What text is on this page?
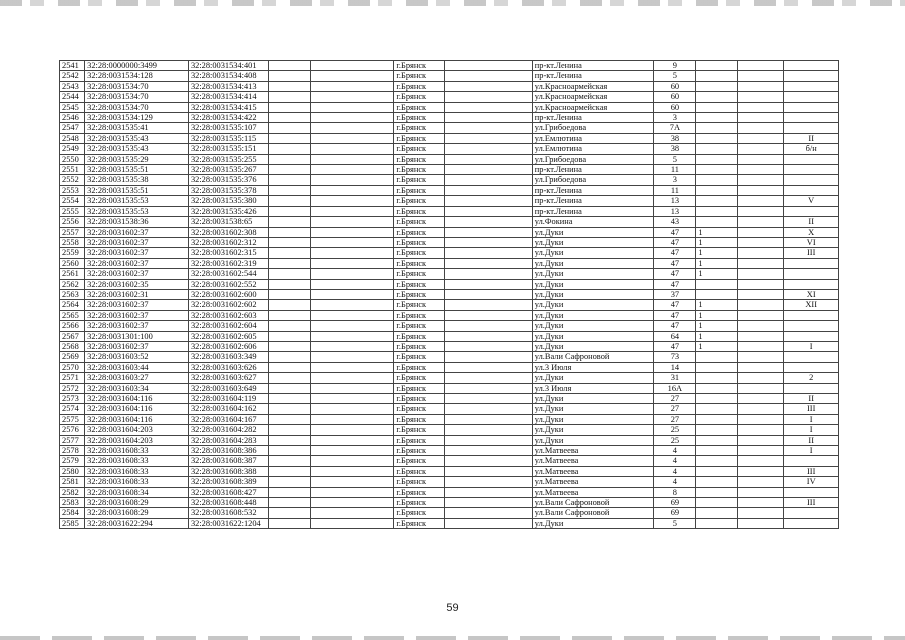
2541	32:28:0000000:3499	32:28:0031534:401			г.Брянск		пр-кт.Ленина	9			
2542	32:28:0031534:128	32:28:0031534:408			г.Брянск		пр-кт.Ленина	5			
2543	32:28:0031534:70	32:28:0031534:413			г.Брянск		ул.Красноармейская	60			
2544	32:28:0031534:70	32:28:0031534:414			г.Брянск		ул.Красноармейская	60			
2545	32:28:0031534:70	32:28:0031534:415			г.Брянск		ул.Красноармейская	60			
2546	32:28:0031534:129	32:28:0031534:422			г.Брянск		пр-кт.Ленина	3			
2547	32:28:0031535:41	32:28:0031535:107			г.Брянск		ул.Грибоедова	7А			
2548	32:28:0031535:43	32:28:0031535:115			г.Брянск		ул.Емлютина	38			II
2549	32:28:0031535:43	32:28:0031535:151			г.Брянск		ул.Емлютина	38			б/н
2550	32:28:0031535:29	32:28:0031535:255			г.Брянск		ул.Грибоедова	5			
2551	32:28:0031535:51	32:28:0031535:267			г.Брянск		пр-кт.Ленина	11			
2552	32:28:0031535:38	32:28:0031535:376			г.Брянск		ул.Грибоедова	3			
2553	32:28:0031535:51	32:28:0031535:378			г.Брянск		пр-кт.Ленина	11			
2554	32:28:0031535:53	32:28:0031535:380			г.Брянск		пр-кт.Ленина	13			V
2555	32:28:0031535:53	32:28:0031535:426			г.Брянск		пр-кт.Ленина	13			
2556	32:28:0031538:36	32:28:0031538:65			г.Брянск		ул.Фокина	43			II
2557	32:28:0031602:37	32:28:0031602:308			г.Брянск		ул.Дуки	47	1		X
2558	32:28:0031602:37	32:28:0031602:312			г.Брянск		ул.Дуки	47	1		VI
2559	32:28:0031602:37	32:28:0031602:315			г.Брянск		ул.Дуки	47	1		III
2560	32:28:0031602:37	32:28:0031602:319			г.Брянск		ул.Дуки	47	1		
2561	32:28:0031602:37	32:28:0031602:544			г.Брянск		ул.Дуки	47	1		
2562	32:28:0031602:35	32:28:0031602:552			г.Брянск		ул.Дуки	47			
2563	32:28:0031602:31	32:28:0031602:600			г.Брянск		ул.Дуки	37			XI
2564	32:28:0031602:37	32:28:0031602:602			г.Брянск		ул.Дуки	47	1		XII
2565	32:28:0031602:37	32:28:0031602:603			г.Брянск		ул.Дуки	47	1		
2566	32:28:0031602:37	32:28:0031602:604			г.Брянск		ул.Дуки	47	1		
2567	32:28:0031301:100	32:28:0031602:605			г.Брянск		ул.Дуки	64	1		
2568	32:28:0031602:37	32:28:0031602:606			г.Брянск		ул.Дуки	47	1		I
2569	32:28:0031603:52	32:28:0031603:349			г.Брянск		ул.Вали Сафроновой	73			
2570	32:28:0031603:44	32:28:0031603:626			г.Брянск		ул.3 Июля	14			
2571	32:28:0031603:27	32:28:0031603:627			г.Брянск		ул.Дуки	31			2
2572	32:28:0031603:34	32:28:0031603:649			г.Брянск		ул.3 Июля	16А			
2573	32:28:0031604:116	32:28:0031604:119			г.Брянск		ул.Дуки	27			II
2574	32:28:0031604:116	32:28:0031604:162			г.Брянск		ул.Дуки	27			III
2575	32:28:0031604:116	32:28:0031604:167			г.Брянск		ул.Дуки	27			I
2576	32:28:0031604:203	32:28:0031604:282			г.Брянск		ул.Дуки	25			I
2577	32:28:0031604:203	32:28:0031604:283			г.Брянск		ул.Дуки	25			II
2578	32:28:0031608:33	32:28:0031608:386			г.Брянск		ул.Матвеева	4			I
2579	32:28:0031608:33	32:28:0031608:387			г.Брянск		ул.Матвеева	4			
2580	32:28:0031608:33	32:28:0031608:388			г.Брянск		ул.Матвеева	4			III
2581	32:28:0031608:33	32:28:0031608:389			г.Брянск		ул.Матвеева	4			IV
2582	32:28:0031608:34	32:28:0031608:427			г.Брянск		ул.Матвеева	8			
2583	32:28:0031608:29	32:28:0031608:448			г.Брянск		ул.Вали Сафроновой	69			III
2584	32:28:0031608:29	32:28:0031608:532			г.Брянск		ул.Вали Сафроновой	69			
2585	32:28:0031622:294	32:28:0031622:1204			г.Брянск		ул.Дуки	5			
59
